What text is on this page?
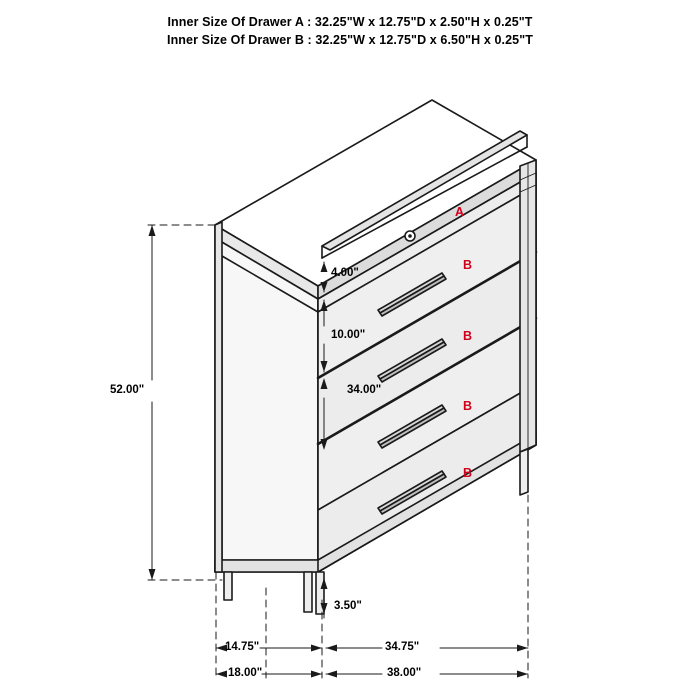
Inner Size Of Drawer A : 32.25"W x 12.75"D x 2.50"H x 0.25"T
Inner Size Of Drawer B : 32.25"W x 12.75"D x 6.50"H x 0.25"T
52.00"
4.00"
10.00"
34.00"
3.50"
14.75"	34.75"
18.00"	38.00"
A
B
B
B
B
